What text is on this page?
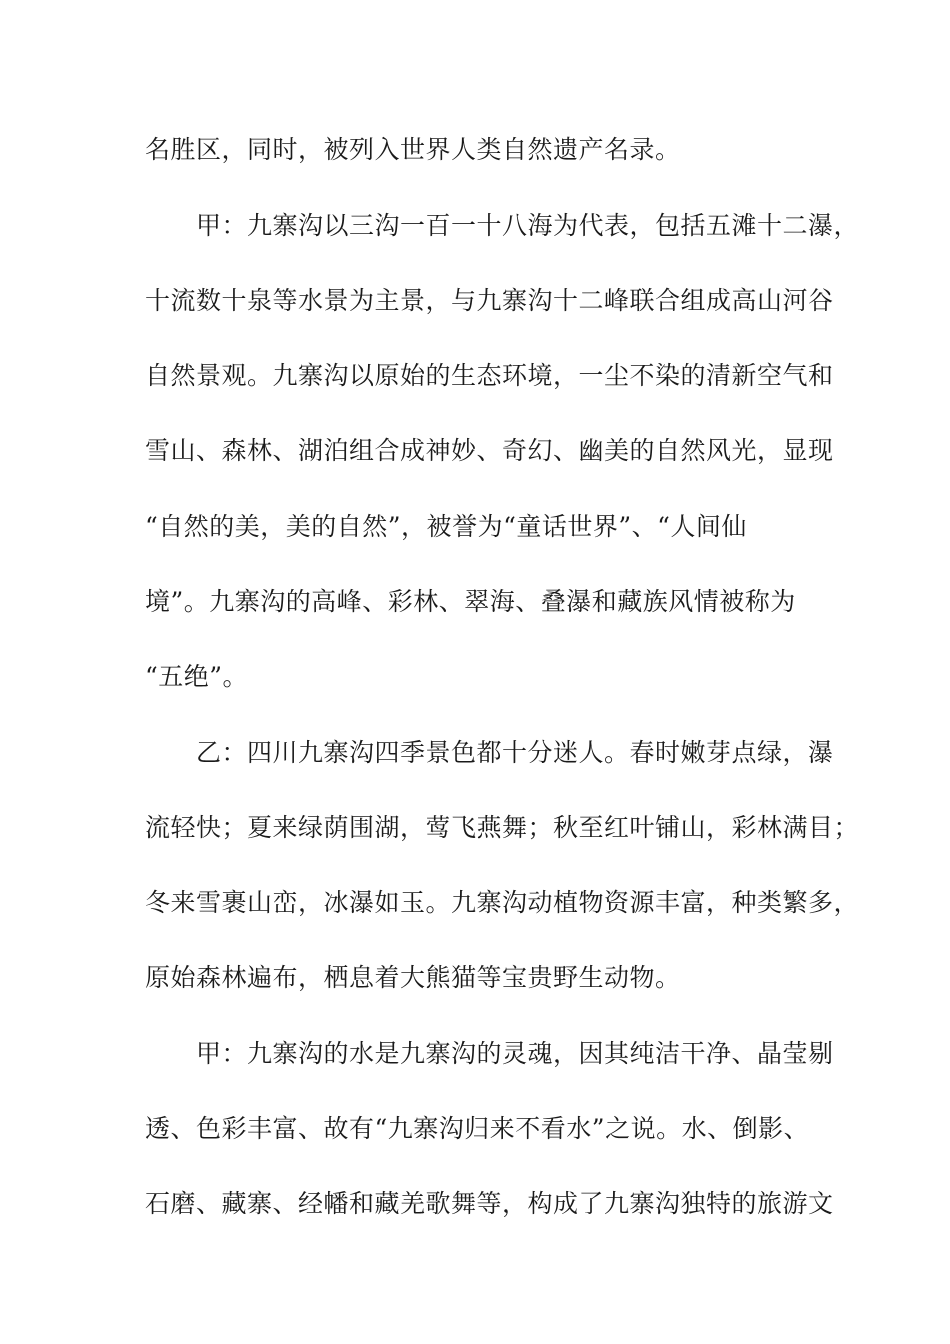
名胜区，同时，被列入世界人类自然遗产名录。
甲：九寨沟以三沟一百一十八海为代表，包括五滩十二瀑，
十流数十泉等水景为主景，与九寨沟十二峰联合组成高山河谷
自然景观。九寨沟以原始的生态环境，一尘不染的清新空气和
雪山、森林、湖泊组合成神妙、奇幻、幽美的自然风光，显现
“自然的美，美的自然”，被誉为“童话世界”、“人间仙
境”。九寨沟的高峰、彩林、翠海、叠瀑和藏族风情被称为
“五绝”。
乙：四川九寨沟四季景色都十分迷人。春时嫩芽点绿，瀑
流轻快；夏来绿荫围湖，莺飞燕舞；秋至红叶铺山，彩林满目；
冬来雪裹山峦，冰瀑如玉。九寨沟动植物资源丰富，种类繁多，
原始森林遍布，栖息着大熊猫等宝贵野生动物。
甲：九寨沟的水是九寨沟的灵魂，因其纯洁干净、晶莹剔
透、色彩丰富、故有“九寨沟归来不看水”之说。水、倒影、
石磨、藏寨、经幡和藏羌歌舞等，构成了九寨沟独特的旅游文
